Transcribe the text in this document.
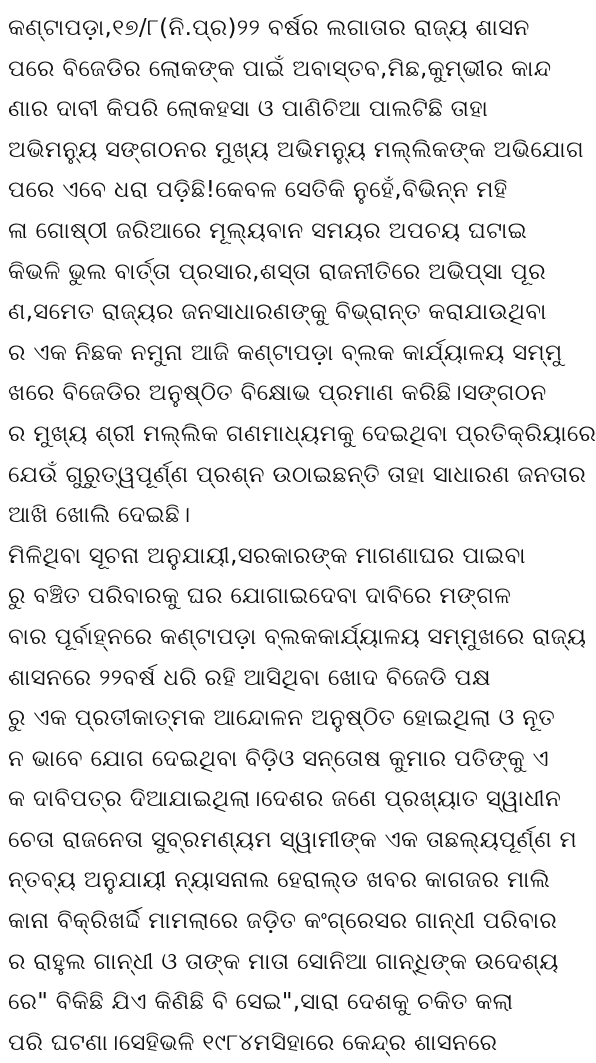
କଣ୍ଟାପଡ଼ା,୧୭/୮(ନି.ପ୍ର)୨୨ ବର୍ଷର ଲଗାତାର ରାଜ୍ୟ ଶାସନ
ପରେ ବିଜେଡିର ଲୋକଙ୍କ ପାଇଁ ଅବାସ୍ତବ,ମିଛ,କୁମ୍ଭୀର କାନ୍ଦ
ଣାର ଦାବୀ କିପରି ଲୋକହସା ଓ ପାଣିଚିଆ ପାଲଟିଛି ତାହା
ଅଭିମନ୍ୟୁ ସଙ୍ଗଠନର ମୁଖ୍ୟ ଅଭିମନ୍ୟୁ ମଲ୍ଲିକଙ୍କ ଅଭିଯୋଗ
ପରେ ଏବେ ଧରା ପଡ଼ିଛି!କେବଳ ସେତିକି ନୁହେଁ,ବିଭିନ୍ନ ମହି
ଳା ଗୋଷ୍ଠୀ ଜରିଆରେ ମୂଲ୍ୟବାନ ସମୟର ଅପଚୟ ଘଟାଇ
କିଭଳି ଭୁଲ ବାର୍ତ୍ତା ପ୍ରସାର,ଶସ୍ତା ରାଜନୀତିରେ ଅଭିପ୍ସା ପୂର
ଣ,ସମେତ ରାଜ୍ୟର ଜନସାଧାରଣଙ୍କୁ ବିଭ୍ରାନ୍ତ କରାଯାଉଥିବା
ର ଏକ ନିଛକ ନମୁନା ଆଜି କଣ୍ଟାପଡ଼ା ବ୍ଲକ କାର୍ଯ୍ୟାଳୟ ସମ୍ମୁ
ଖରେ ବିଜେଡିର ଅନୁଷ୍ଠିତ ବିକ୍ଷୋଭ ପ୍ରମାଣ କରିଛି।ସଙ୍ଗଠନ
ର ମୁଖ୍ୟ ଶ୍ରୀ ମଲ୍ଲିକ ଗଣମାଧ୍ୟମକୁ ଦେଇଥିବା ପ୍ରତିକ୍ରିୟାରେ
ଯେଉଁ ଗୁରୁତ୍ୱପୂର୍ଣ୍ଣ ପ୍ରଶ୍ନ ଉଠାଇଛନ୍ତି ତାହା ସାଧାରଣ ଜନତାର
ଆଖି ଖୋଲି ଦେଇଛି।
ମିଳିଥିବା ସୂଚନା ଅନୁଯାୟୀ,ସରକାରଙ୍କ ମାଗଣାଘର ପାଇବା
ରୁ ବଞ୍ଚିତ ପରିବାରକୁ ଘର ଯୋଗାଇଦେବା ଦାବିରେ ମଙ୍ଗଳ
ବାର ପୂର୍ବାହ୍ନରେ କଣ୍ଟାପଡ଼ା ବ୍ଲକକାର୍ଯ୍ୟାଳୟ ସମ୍ମୁଖରେ ରାଜ୍ୟ
ଶାସନରେ ୨୨ବର୍ଷ ଧରି ରହି ଆସିଥିବା ଖୋଦ ବିଜେଡି ପକ୍ଷ
ରୁ ଏକ ପ୍ରତୀକାତ୍ମକ ଆନ୍ଦୋଳନ ଅନୁଷ୍ଠିତ ହୋଇଥିଲା ଓ ନୂତ
ନ ଭାବେ ଯୋଗ ଦେଇଥିବା ବିଡ଼ିଓ ସନ୍ତୋଷ କୁମାର ପତିଙ୍କୁ ଏ
କ ଦାବିପତ୍ର ଦିଆଯାଇଥିଲା।ଦେଶର ଜଣେ ପ୍ରଖ୍ୟାତ ସ୍ୱାଧୀନ
ଚେତା ରାଜନେତା ସୁବ୍ରମଣ୍ୟମ ସ୍ୱାମୀଙ୍କ ଏକ ତାଛଲ୍ୟପୂର୍ଣ୍ଣ ମ
ନ୍ତବ୍ୟ ଅନୁଯାୟୀ ନ୍ୟାସନାଲ ହେରାଲ୍ଡ ଖବର କାଗଜର ମାଲି
କାନା ବିକ୍ରିଖର୍ଦ୍ଦି ମାମଲାରେ ଜଡ଼ିତ କଂଗ୍ରେସର ଗାନ୍ଧୀ ପରିବାର
ର ରାହୁଲ ଗାନ୍ଧୀ ଓ ତାଙ୍କ ମାତା ସୋନିଆ ଗାନ୍ଧିଙ୍କ ଉଦେଶ୍ୟ
ରେ" ବିକିଛି ଯିଏ କିଣିଛି ବି ସେଇ",ସାରା ଦେଶକୁ ଚକିତ କଲା
ପରି ଘଟଣା।ସେହିଭଳି ୧୯୮୪ମସିହାରେ କେନ୍ଦ୍ର ଶାସନରେ
